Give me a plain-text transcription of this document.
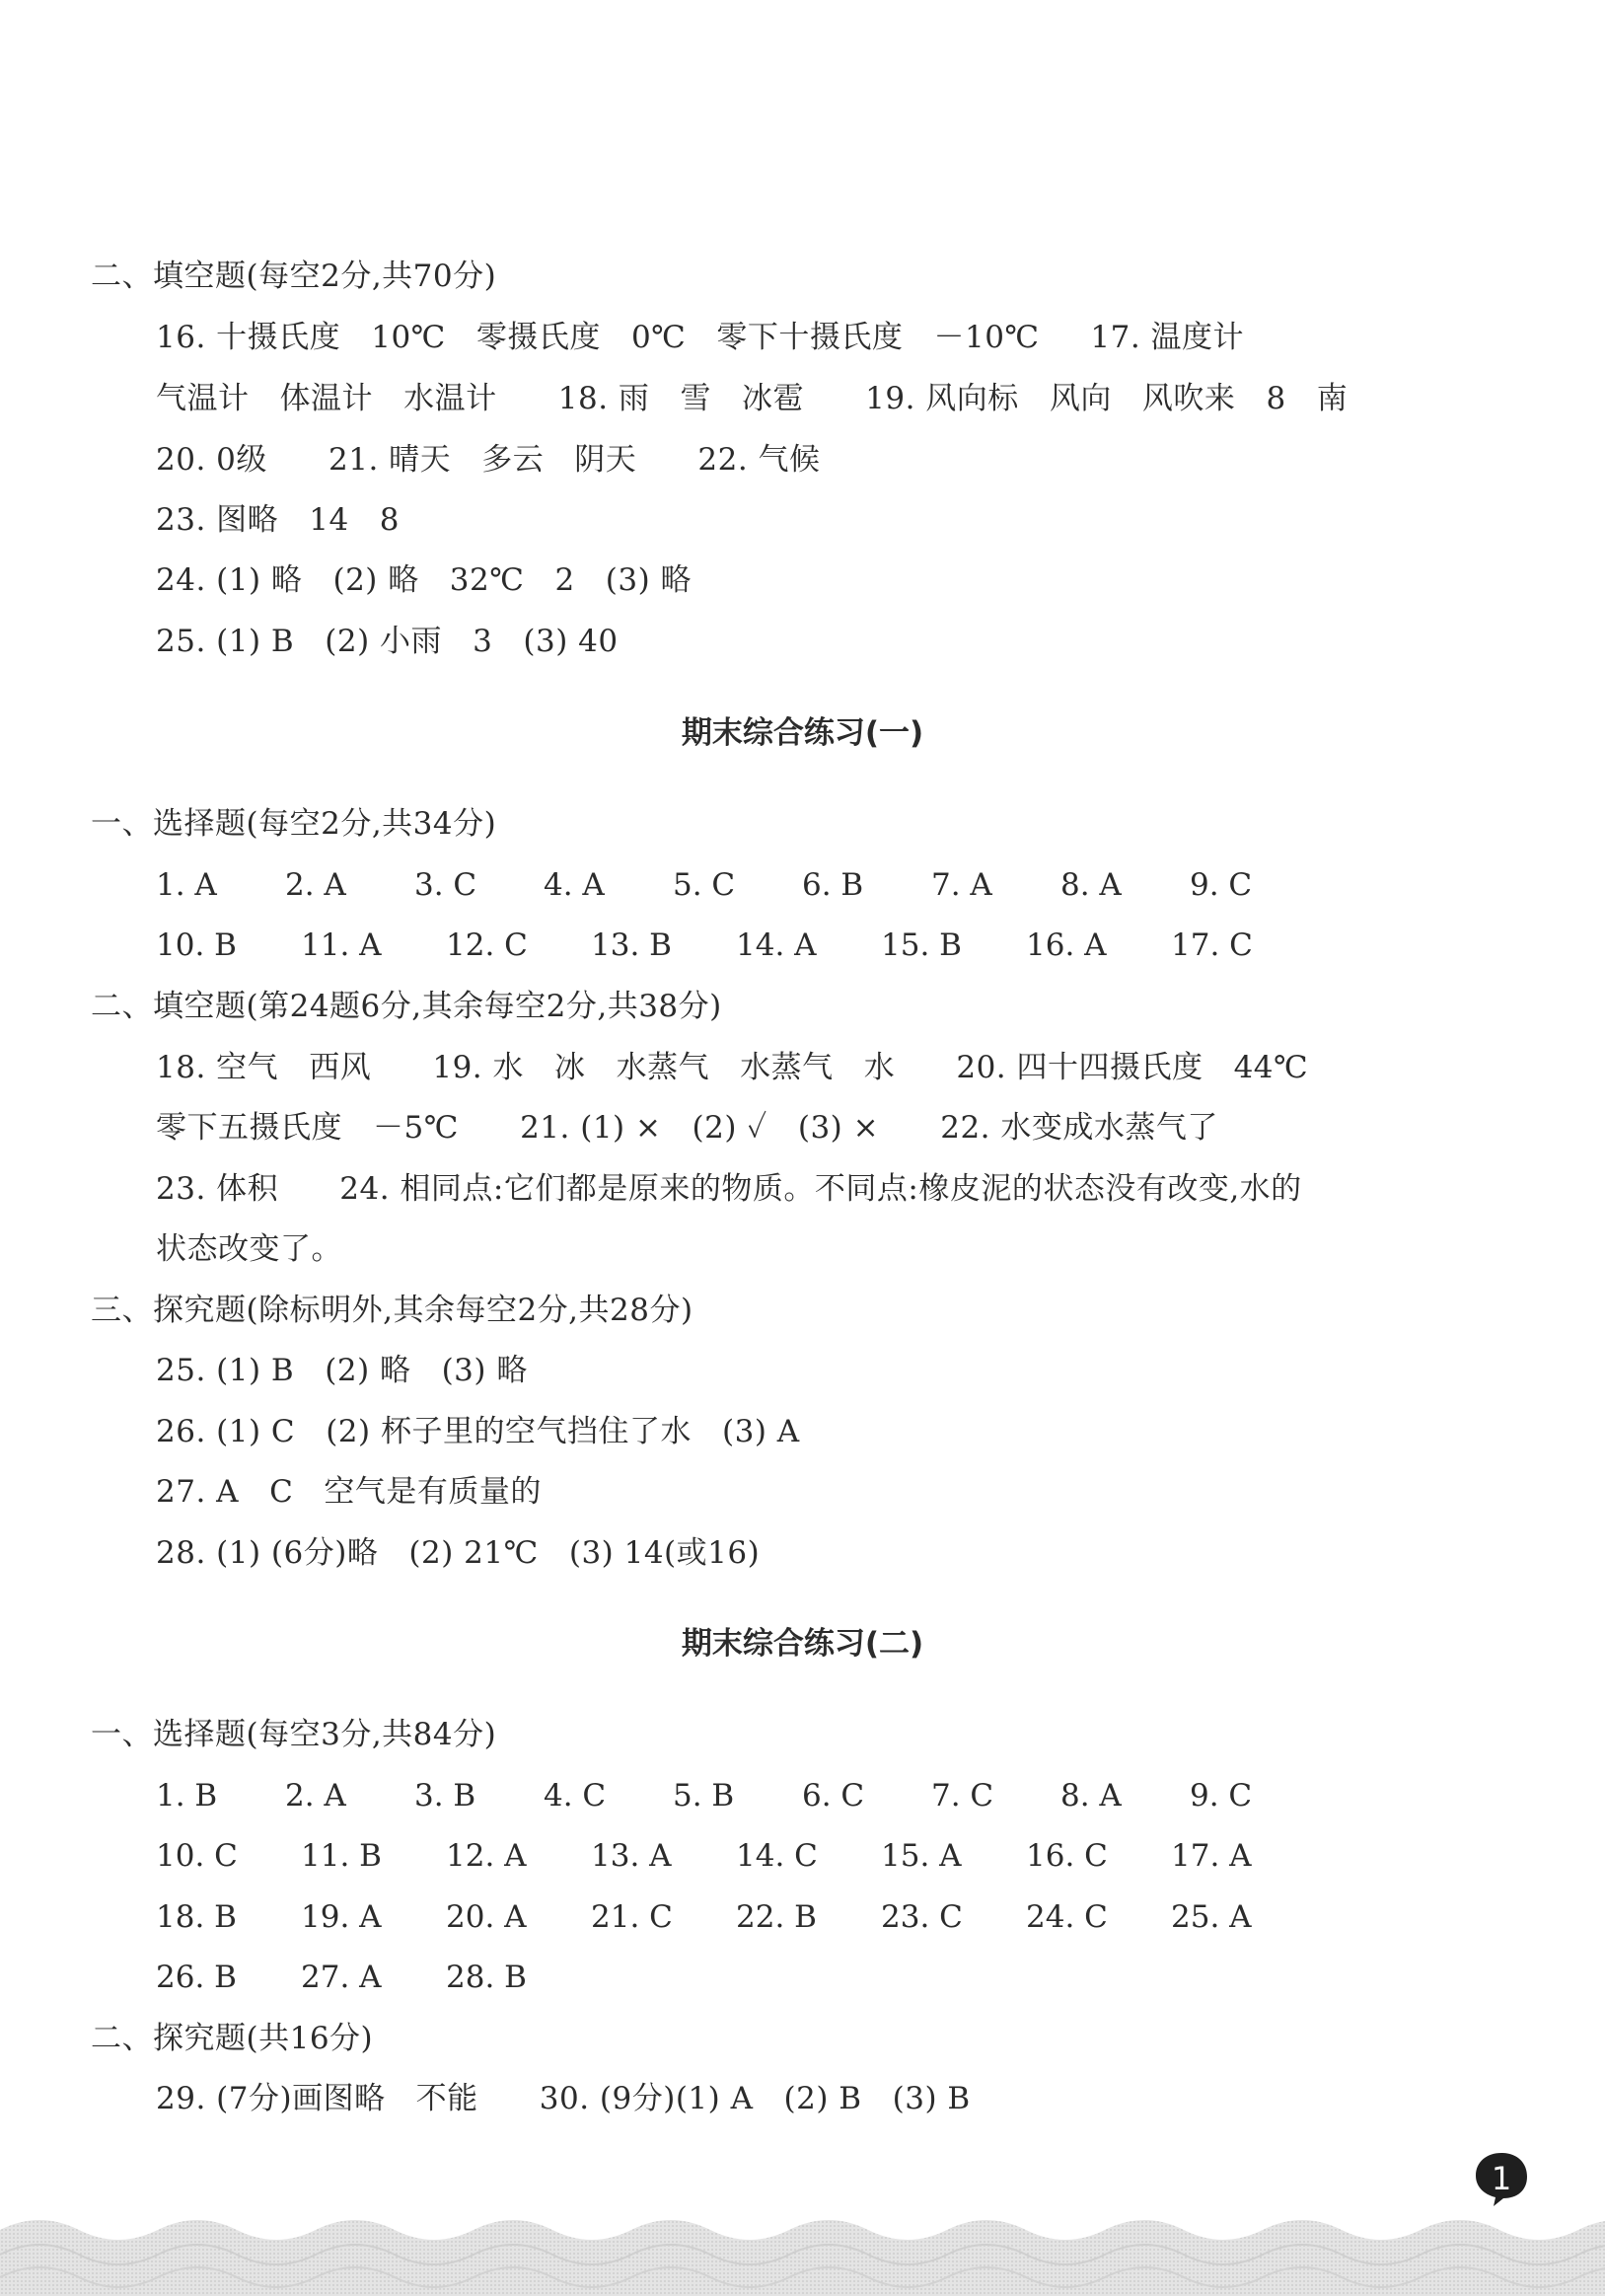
二、填空题(每空2分,共70分)
16. 十摄氏度   10℃   零摄氏度   0℃   零下十摄氏度   －10℃     17. 温度计
气温计   体温计   水温计      18. 雨   雪   冰雹      19. 风向标   风向   风吹来   8   南
20. 0级      21. 晴天   多云   阴天      22. 气候
23. 图略   14   8
24. (1) 略   (2) 略   32℃   2   (3) 略
25. (1) B   (2) 小雨   3   (3) 40
期末综合练习(一)
一、选择题(每空2分,共34分)
1. A 2. A 3. C 4. A 5. C 6. B 7. A 8. A 9. C
10. B 11. A 12. C 13. B 14. A 15. B 16. A 17. C
二、填空题(第24题6分,其余每空2分,共38分)
18. 空气   西风      19. 水   冰   水蒸气   水蒸气   水      20. 四十四摄氏度   44℃
零下五摄氏度   －5℃      21. (1) ×   (2) ✓   (3) ×      22. 水变成水蒸气了
23. 体积      24. 相同点:它们都是原来的物质。不同点:橡皮泥的状态没有改变,水的
状态改变了。
三、探究题(除标明外,其余每空2分,共28分)
25. (1) B   (2) 略   (3) 略
26. (1) C   (2) 杯子里的空气挡住了水   (3) A
27. A   C   空气是有质量的
28. (1) (6分)略   (2) 21℃   (3) 14(或16)
期末综合练习(二)
一、选择题(每空3分,共84分)
1. B 2. A 3. B 4. C 5. B 6. C 7. C 8. A 9. C
10. C 11. B 12. A 13. A 14. C 15. A 16. C 17. A
18. B 19. A 20. A 21. C 22. B 23. C 24. C 25. A
26. B 27. A 28. B
二、探究题(共16分)
29. (7分)画图略   不能      30. (9分)(1) A   (2) B   (3) B
1
